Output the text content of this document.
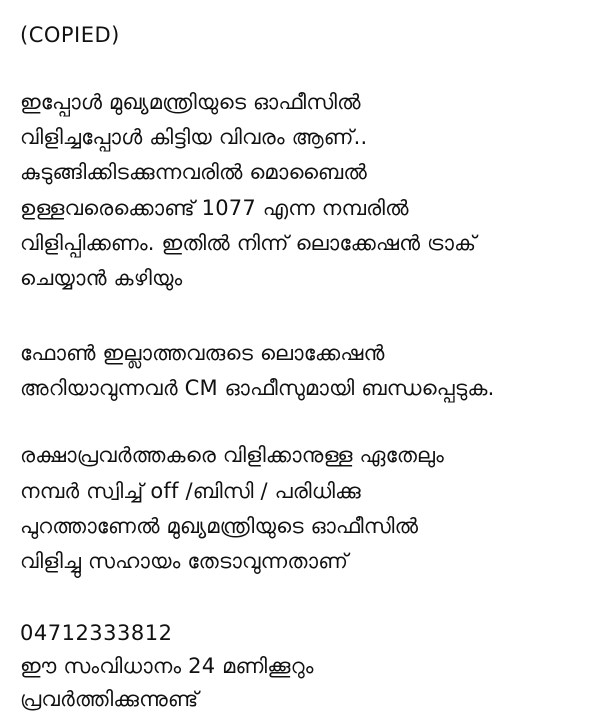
(COPIED)
ഇപ്പോൾ മുഖ്യമന്ത്രിയുടെ ഓഫീസിൽ
വിളിച്ചപ്പോൾ കിട്ടിയ വിവരം ആണ്..
കുടുങ്ങിക്കിടക്കുന്നവരിൽ മൊബൈൽ
ഉള്ളവരെക്കൊണ്ട് 1077 എന്ന നമ്പരിൽ
വിളിപ്പിക്കണം. ഇതിൽ നിന്ന് ലൊക്കേഷൻ ട്രാക്
ചെയ്യാൻ കഴിയും
ഫോൺ ഇല്ലാത്തവരുടെ ലൊക്കേഷൻ
അറിയാവുന്നവർ CM ഓഫീസുമായി ബന്ധപ്പെടുക.
രക്ഷാപ്രവർത്തകരെ വിളിക്കാനുള്ള ഏതേലും
നമ്പർ സ്വിച്ച് off /ബിസി / പരിധിക്കു
പുറത്താണേൽ മുഖ്യമന്ത്രിയുടെ ഓഫീസിൽ
വിളിച്ചു സഹായം തേടാവുന്നതാണ്
04712333812
ഈ സംവിധാനം 24 മണിക്കൂറും
പ്രവർത്തിക്കുന്നുണ്ട്
